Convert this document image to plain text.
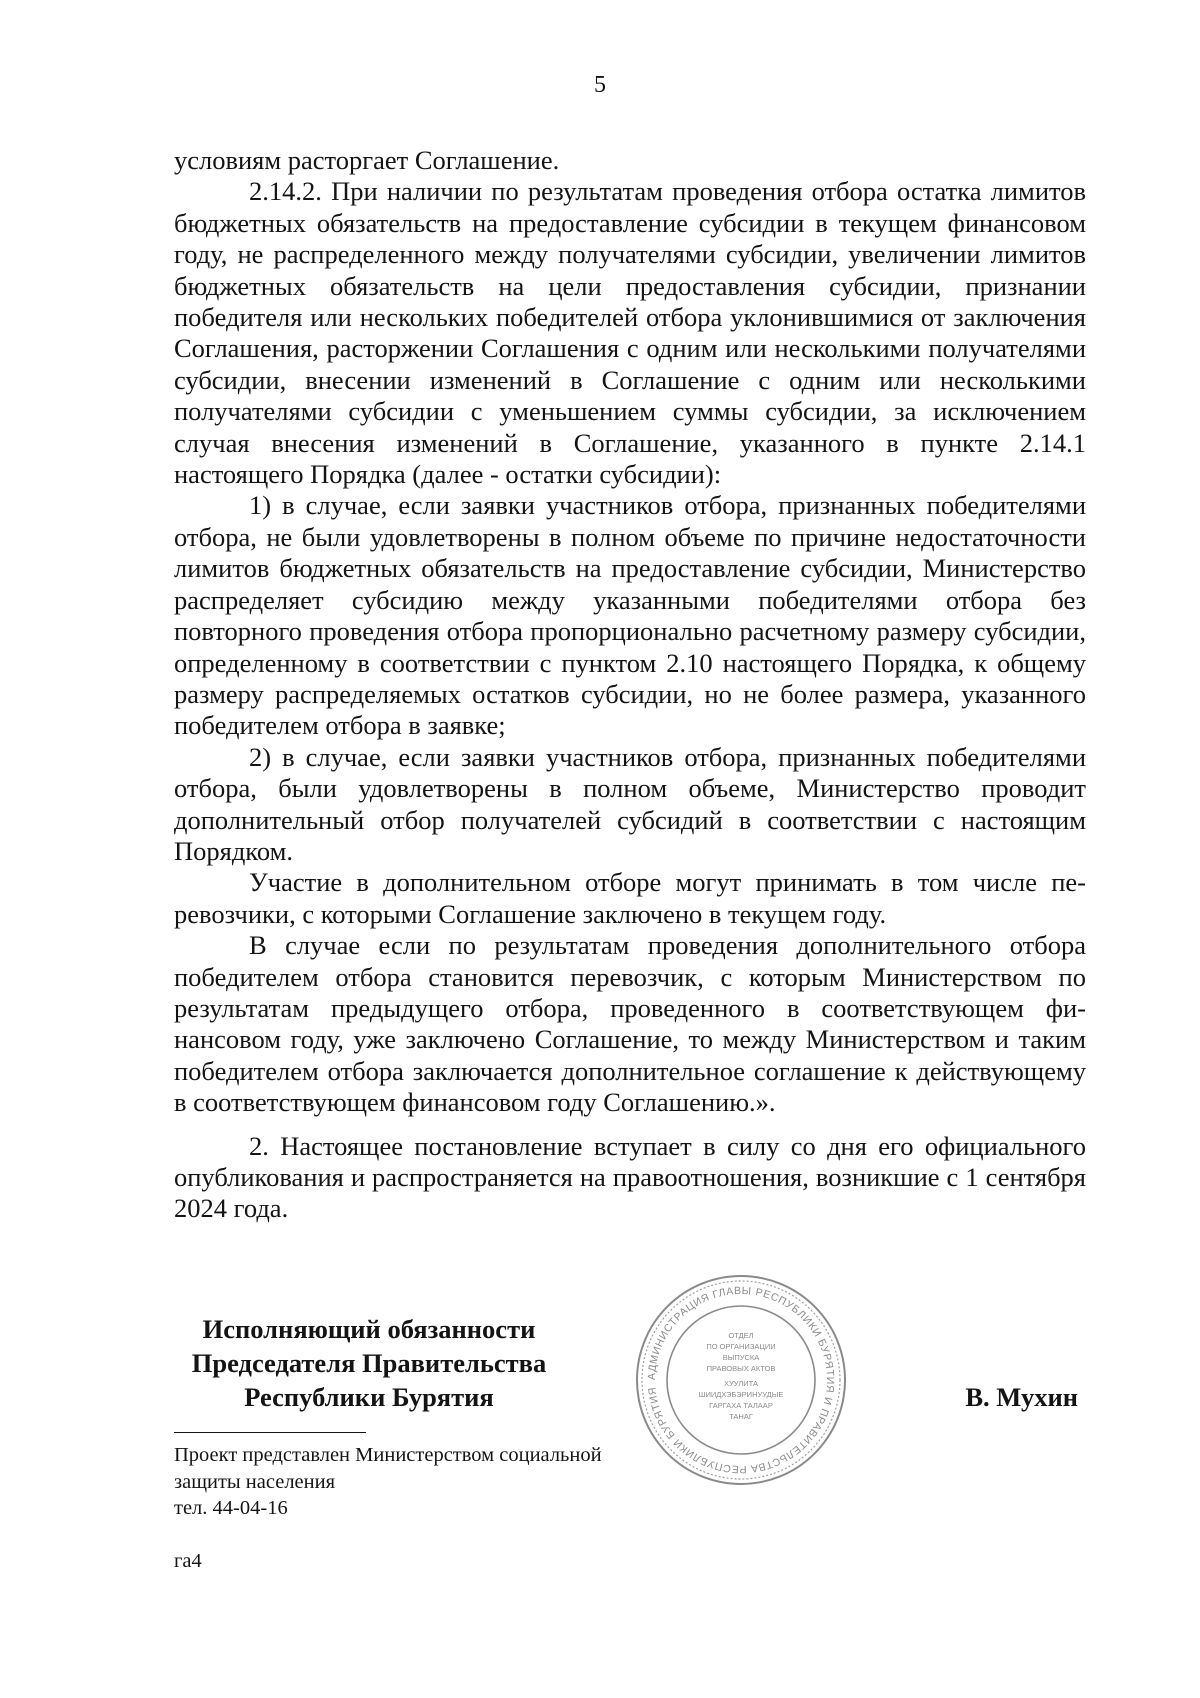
5

условиям расторгает Соглашение.

2.14.2. При наличии по результатам проведения отбора остатка лимитов бюджетных обязательств на предоставление субсидии в текущем финансовом году, не распределенного между получателями субсидии, увеличении лимитов бюджетных обязательств на цели предоставления субсидии, признании победителя или нескольких победителей отбора уклонившимися от заключения Соглашения, расторжении Соглашения с одним или несколькими получателями субсидии, внесении изменений в Соглашение с одним или несколькими получателями субсидии с уменьшением суммы субсидии, за исключением случая внесения изменений в Соглашение, указанного в пункте 2.14.1 настоящего Порядка (далее - остатки субсидии):

1) в случае, если заявки участников отбора, признанных победителями отбора, не были удовлетворены в полном объеме по причине недостаточности лимитов бюджетных обязательств на предоставление субсидии, Министерство распределяет субсидию между указанными победителями отбора без повторного проведения отбора пропорционально расчетному размеру субсидии, определенному в соответствии с пунктом 2.10 настоящего Порядка, к общему размеру распределяемых остатков субсидии, но не более размера, указанного победителем отбора в заявке;

2) в случае, если заявки участников отбора, признанных победителями отбора, были удовлетворены в полном объеме, Министерство проводит дополнительный отбор получателей субсидий в соответствии с настоящим Порядком.

Участие в дополнительном отборе могут принимать в том числе перевозчики, с которыми Соглашение заключено в текущем году.

В случае если по результатам проведения дополнительного отбора победителем отбора становится перевозчик, с которым Министерством по результатам предыдущего отбора, проведенного в соответствующем финансовом году, уже заключено Соглашение, то между Министерством и таким победителем отбора заключается дополнительное соглашение к действующему в соответствующем финансовом году Соглашению.».

2. Настоящее постановление вступает в силу со дня его официального опубликования и распространяется на правоотношения, возникшие с 1 сентября 2024 года.

Исполняющий обязанности
Председателя Правительства
Республики Бурятия	В. Мухин
АДМИНИСТРАЦИЯ ГЛАВЫ РЕСПУБЛИКИ БУРЯТИЯ И ПРАВИТЕЛЬСТВА РЕСПУБЛИКИ БУРЯТИЯ
ОТДЕЛ
ПО ОРГАНИЗАЦИИ
ВЫПУСКА
ПРАВОВЫХ АКТОВ
ХУУЛИТА
ШИИДХЭБЭРИНУУДЫЕ
ГАРГАХА ТАЛААР
ТАНАГ
Проект представлен Министерством социальной
защиты населения
тел. 44-04-16
га4
